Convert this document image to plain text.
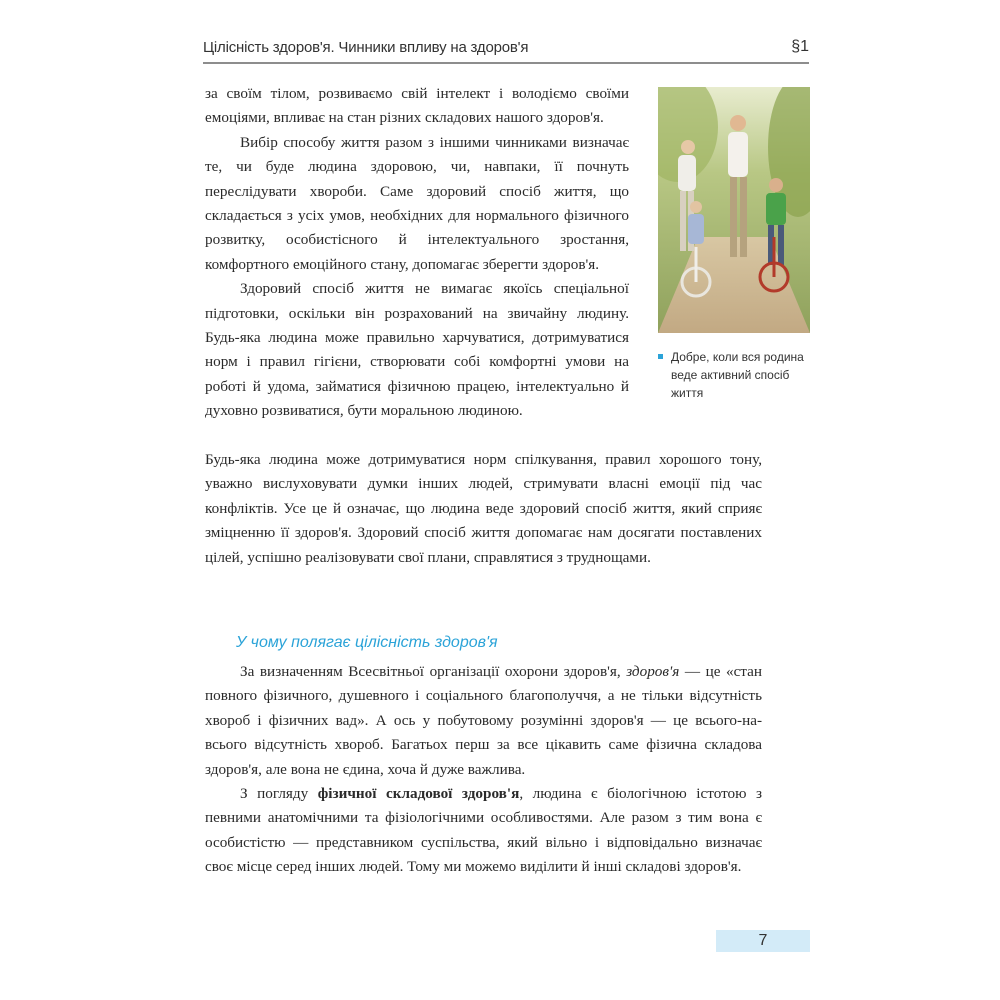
Цілісність здоров'я. Чинники впливу на здоров'я	§1

за своїм тілом, розвиваємо свій інтелект і володіємо своїми емоціями, впливає на стан різних складових нашого здоров'я.

Вибір способу життя разом з іншими чинниками визначає те, чи буде людина здоровою, чи, навпаки, її почнуть переслідувати хвороби. Саме здоровий спосіб життя, що складається з усіх умов, необхідних для нормального фізичного розвитку, особистісного й інтелектуального зростання, комфортного емоційного стану, допомагає зберегти здоров'я.

Здоровий спосіб життя не вимагає якоїсь спеціальної підготовки, оскільки він розрахований на звичайну людину. Будь-яка людина може правильно харчуватися, дотримуватися норм і правил гігієни, створювати собі комфортні умови на роботі й удома, займатися фізичною працею, інтелектуально й духовно розвиватися, бути моральною людиною.

Будь-яка людина може дотримуватися норм спілкування, правил хорошого тону, уважно вислуховувати думки інших людей, стримувати власні емоції під час конфліктів. Усе це й означає, що людина веде здоровий спосіб життя, який сприяє зміцненню її здоров'я. Здоровий спосіб життя допомагає нам досягати поставлених цілей, успішно реалізовувати свої плани, справлятися з труднощами.

Добре, коли вся родина веде активний спосіб життя
У чому полягає цілісність здоров'я

За визначенням Всесвітньої організації охорони здоров'я, здоров'я — це «стан повного фізичного, душевного і соціального благополуччя, а не тільки відсутність хвороб і фізичних вад». А ось у побутовому розумінні здоров'я — це всього-на-всього відсутність хвороб. Багатьох перш за все цікавить саме фізична складова здоров'я, але вона не єдина, хоча й дуже важлива.

З погляду фізичної складової здоров'я, людина є біологічною істотою з певними анатомічними та фізіологічними особливостями. Але разом з тим вона є особистістю — представником суспільства, який вільно і відповідально визначає своє місце серед інших людей. Тому ми можемо виділити й інші складові здоров'я.

7
